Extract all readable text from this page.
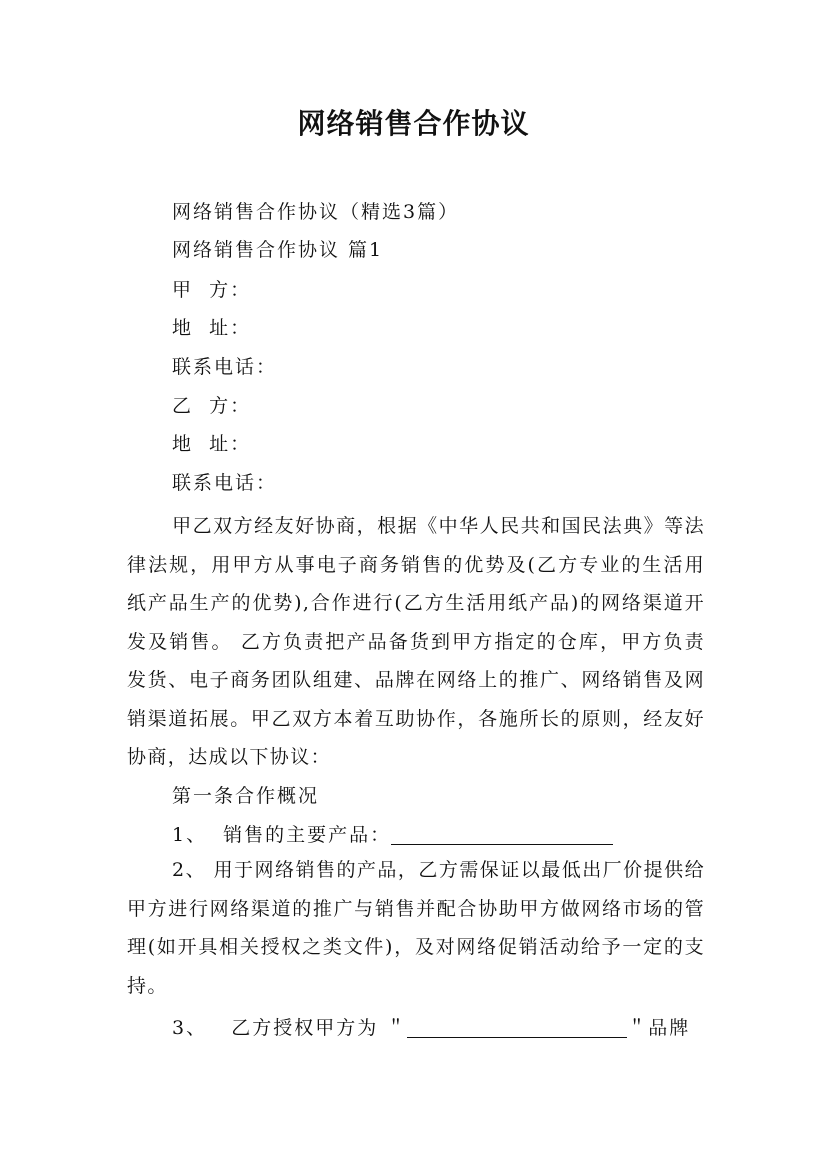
网络销售合作协议
网络销售合作协议（精选3篇）
网络销售合作协议 篇1
甲  方：
地  址：
联系电话：
乙  方：
地  址：
联系电话：
甲乙双方经友好协商，根据《中华人民共和国民法典》等法律法规，用甲方从事电子商务销售的优势及(乙方专业的生活用纸产品生产的优势),合作进行(乙方生活用纸产品)的网络渠道开发及销售。 乙方负责把产品备货到甲方指定的仓库，甲方负责发货、电子商务团队组建、品牌在网络上的推广、网络销售及网销渠道拓展。甲乙双方本着互助协作，各施所长的原则，经友好协商，达成以下协议：
第一条合作概况
1、  销售的主要产品：
2、 用于网络销售的产品，乙方需保证以最低出厂价提供给甲方进行网络渠道的推广与销售并配合协助甲方做网络市场的管理(如开具相关授权之类文件)，及对网络促销活动给予一定的支持。
3、   乙方授权甲方为 ＂	＂品牌
